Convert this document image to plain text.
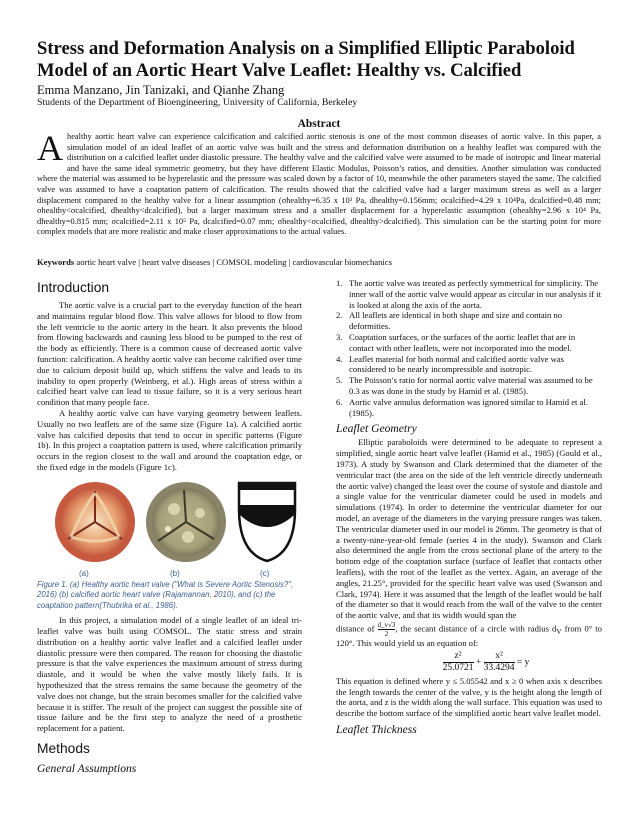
Stress and Deformation Analysis on a Simplified Elliptic Paraboloid Model of an Aortic Heart Valve Leaflet: Healthy vs. Calcified
Emma Manzano, Jin Tanizaki, and Qianhe Zhang
Students of the Department of Bioengineering, University of California, Berkeley
Abstract
A healthy aortic heart valve can experience calcification and calcified aortic stenosis is one of the most common diseases of aortic valve. In this paper, a simulation model of an ideal leaflet of an aortic valve was built and the stress and deformation distribution on a healthy leaflet was compared with the distribution on a calcified leaflet under diastolic pressure. The healthy valve and the calcified valve were assumed to be made of isotropic and linear material and have the same ideal symmetric geometry, but they have different Elastic Modulus, Poisson’s ratios, and densities. Another simulation was conducted where the material was assumed to be hyperelastic and the pressure was scaled down by a factor of 10, meanwhile the other parameters stayed the same. The calcified valve was assumed to have a coaptation pattern of calcification. The results showed that the calcified valve had a larger maximum stress as well as a larger displacement compared to the healthy valve for a linear assumption (σhealthy=6.35 x 10³ Pa, dhealthy=0.156mm; σcalcified=4.29 x 10⁴Pa, dcalcified=0.48 mm; σhealthy<σcalcified, dhealthy<dcalcified), but a larger maximum stress and a smaller displacement for a hyperelastic assumption (σhealthy=2.96 x 10⁴ Pa, dhealthy=0.815 mm; σcalcified=2.11 x 10⁵ Pa, dcalcified=0.07 mm; σhealthy<σcalcified, dhealthy>dcalcified). This simulation can be the starting point for more complex models that are more realistic and make closer approximations to the actual values.
Keywords aortic heart valve | heart valve diseases | COMSOL modeling | cardiovascular biomechanics
Introduction

The aortic valve is a crucial part to the everyday function of the heart and maintains regular blood flow. This valve allows for blood to flow from the left ventricle to the aortic artery in the heart. It also prevents the blood from flowing backwards and causing less blood to be pumped to the rest of the body as efficiently. There is a common cause of decreased aortic valve function: calcification. A healthy aortic valve can become calcified over time due to calcium deposit build up, which stiffens the valve and leads to its inability to open properly (Weinberg, et al.). High areas of stress within a calcified heart valve can lead to tissue failure, so it is a very serious heart condition that many people face.

A healthy aortic valve can have varying geometry between leaflets. Usually no two leaflets are of the same size (Figure 1a). A calcified aortic valve has calcified deposits that tend to occur in specific patterns (Figure 1b). In this project a coaptation pattern is used, where calcification primarily occurs in the region closest to the wall and around the coaptation edge, or the fixed edge in the models (Figure 1c).

(a)	(b)	(c)
Figure 1. (a) Healthy aortic heart valve ("What is Severe Aortic Stenosis?", 2016) (b) calcified aortic heart valve (Rajamannan, 2010), and (c) the coaptation pattern(Thubrika et al., 1986).

In this project, a simulation model of a single leaflet of an ideal tri-leaflet valve was built using COMSOL. The static stress and strain distribution on a healthy aortic valve leaflet and a calcified leaflet under diastolic pressure were then compared. The reason for choosing the diastolic pressure is that the valve experiences the maximum amount of stress during diastole, and it would be when the valve mostly likely fails. It is hypothesized that the stress remains the same because the geometry of the valve does not change, but the strain becomes smaller for the calcified valve because it is stiffer. The result of the project can suggest the possible site of tissue failure and be the first step to analyze the need of a prosthetic replacement for a patient.

Methods
General Assumptions
1. The aortic valve was treated as perfectly symmetrical for simplicity. The inner wall of the aortic valve would appear as circular in our analysis if it is looked at along the axis of the aorta.
2. All leaflets are identical in both shape and size and contain no deformities.
3. Coaptation surfaces, or the surfaces of the aortic leaflet that are in contact with other leaflets, were not incorporated into the model.
4. Leaflet material for both normal and calcified aortic valve was considered to be nearly incompressible and isotropic.
5. The Poisson’s ratio for normal aortic valve material was assumed to be 0.3 as was done in the study by Hamid et al. (1985).
6. Aortic valve annulus deformation was ignored similar to Hamid et al. (1985).
Leaflet Geometry

Elliptic paraboloids were determined to be adequate to represent a simplified, single aortic heart valve leaflet (Hamid et al., 1985) (Gould et al., 1973). A study by Swanson and Clark determined that the diameter of the ventricular tract (the area on the side of the left ventricle directly underneath the aortic valve) changed the least over the course of systole and diastole and a single value for the ventricular diameter could be used in models and simulations (1974). In order to determine the ventricular diameter for our model, an average of the diameters in the varying pressure ranges was taken. The ventricular diameter used in our model is 26mm. The geometry is that of a twenty-nine-year-old female (series 4 in the study). Swanson and Clark also determined the angle from the cross sectional plane of the artery to the bottom edge of the coaptation surface (surface of leaflet that contacts other leaflets), with the root of the leaflet as the vertex. Again, an average of the angles, 21.25°, provided for the specific heart valve was used (Swanson and Clark, 1974). Here it was assumed that the length of the leaflet would be half of the diameter so that it would reach from the wall of the valve to the center of the aortic valve, and that its width would span the

distance of $\frac{d\_v√3}{2}$ , the secant distance of a circle with radius $d_V$ from 0° to 120°. This would yield us an equation of:

$\frac{\text{z²}}{25.0721} + \frac{\text{x²}}{33.4294} = y$

This equation is defined where y ≤ 5.05542 and x ≥ 0 when axis x describes the length towards the center of the valve, y is the height along the length of the aorta, and z is the width along the wall surface. This equation was used to describe the bottom surface of the simplified aortic heart valve leaflet model.

Leaflet Thickness
